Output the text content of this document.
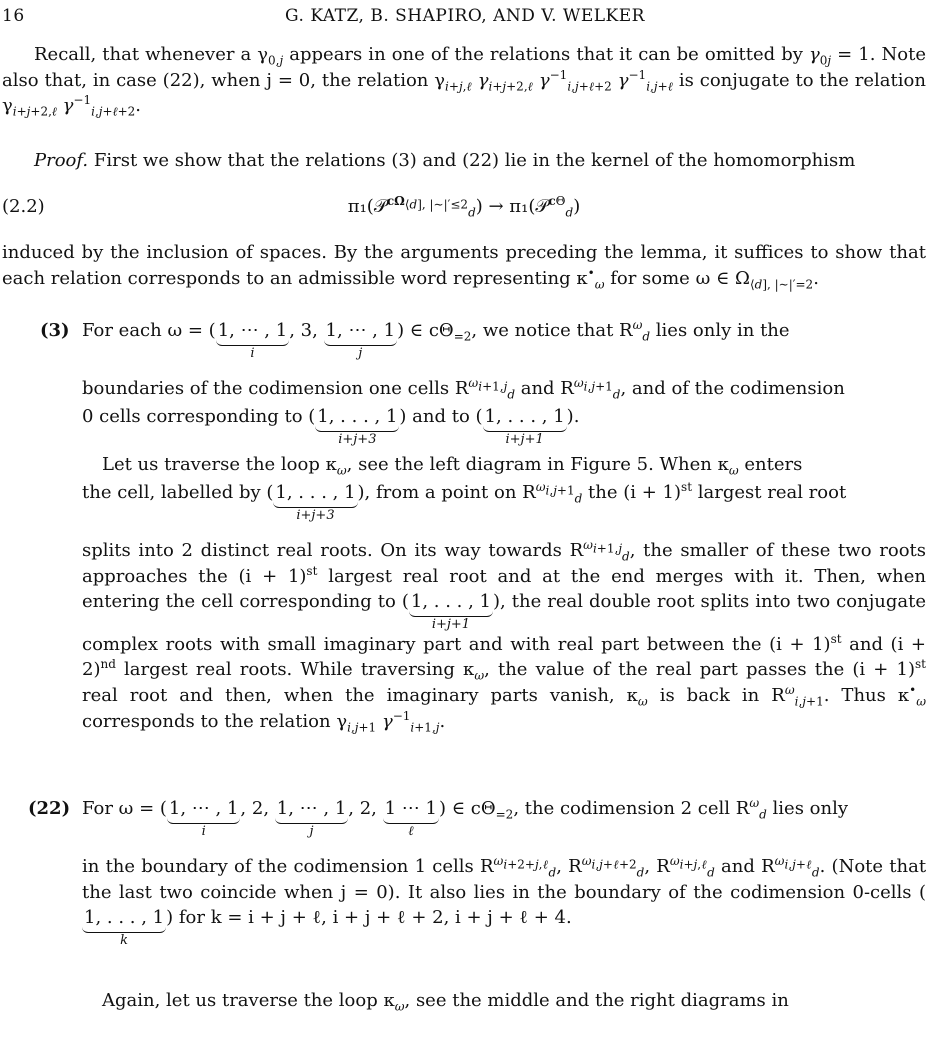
16	G. KATZ, B. SHAPIRO, AND V. WELKER
Recall, that whenever a $\gamma_{0,j}$ appears in one of the relations that it can be omitted by $\gamma_{0j} = 1$. Note also that, in case (22), when j = 0, the relation $\gamma_{i+j,\ell}$ $\gamma_{i+j+2,\ell}$ $\gamma^{-1}_{i,j+\ell+2}$ $\gamma^{-1}_{i,j+\ell}$ is conjugate to the relation $\gamma_{i+j+2,\ell}$ $\gamma^{-1}_{i,j+\ell+2}$.
Proof. First we show that the relations (3) and (22) lie in the kernel of the homomorphism
(2.2)	π₁(𝒫$^{c\Omega_{⟨d], |\sim|'\le 2}}_d$) → π₁(𝒫$^{c\Theta}_d$)
induced by the inclusion of spaces. By the arguments preceding the lemma, it suffices to show that each relation corresponds to an admissible word representing $\kappa^•_\omega$ for some ω ∈ $\Omega_{⟨d], |\sim|'=2}$.
(3) For each ω = ( 1, ⋯ , 1
i
, 3, 1, ⋯ , 1
j
) ∈ $c\Theta_{=2}$, we notice that $R^\omega_d$ lies only in the
boundaries of the codimension one cells $R^{\omega_{i+1,j}}_d$ and $R^{\omega_{i,j+1}}_d$, and of the codimension
0 cells corresponding to ( 1, . . . , 1
i+j+3
) and to ( 1, . . . , 1
i+j+1
).
Let us traverse the loop $\kappa_\omega$, see the left diagram in Figure 5. When $\kappa_\omega$ enters
the cell, labelled by ( 1, . . . , 1
i+j+3
), from a point on $R^{\omega_{i,j+1}}_d$ the $(i + 1)^{st}$ largest real root
splits into 2 distinct real roots. On its way towards $R^{\omega_{i+1,j}}_d$, the smaller of these two roots approaches the $(i + 1)^{st}$ largest real root and at the end merges with it. Then, when entering the cell corresponding to ( 1, . . . , 1
i+j+1
), the real double root splits into two conjugate complex roots with small imaginary part and with real part between the $(i + 1)^{st}$ and $(i + 2)^{nd}$ largest real roots. While traversing $\kappa_\omega$, the value of the real part passes the $(i + 1)^{st}$ real root and then, when the imaginary parts vanish, $\kappa_\omega$ is back in $R^\omega_{i,j+1}$. Thus $\kappa^•_\omega$ corresponds to the relation $\gamma_{i,j+1}$ $\gamma^{-1}_{i+1,j}$.
(22) For ω = ( 1, ⋯ , 1
i
, 2, 1, ⋯ , 1
j
, 2, 1 ⋯ 1
ℓ
) ∈ $c\Theta_{=2}$, the codimension 2 cell $R^\omega_d$ lies only
in the boundary of the codimension 1 cells $R^{\omega_{i+2+j,\ell}}_d$, $R^{\omega_{i,j+\ell+2}}_d$, $R^{\omega_{i+j,\ell}}_d$ and $R^{\omega_{i,j+\ell}}_d$. (Note that the last two coincide when j = 0). It also lies in the boundary of the codimension 0-cells (
1, . . . , 1
k
) for k = i + j + ℓ, i + j + ℓ + 2, i + j + ℓ + 4.
Again, let us traverse the loop $\kappa_\omega$, see the middle and the right diagrams in
